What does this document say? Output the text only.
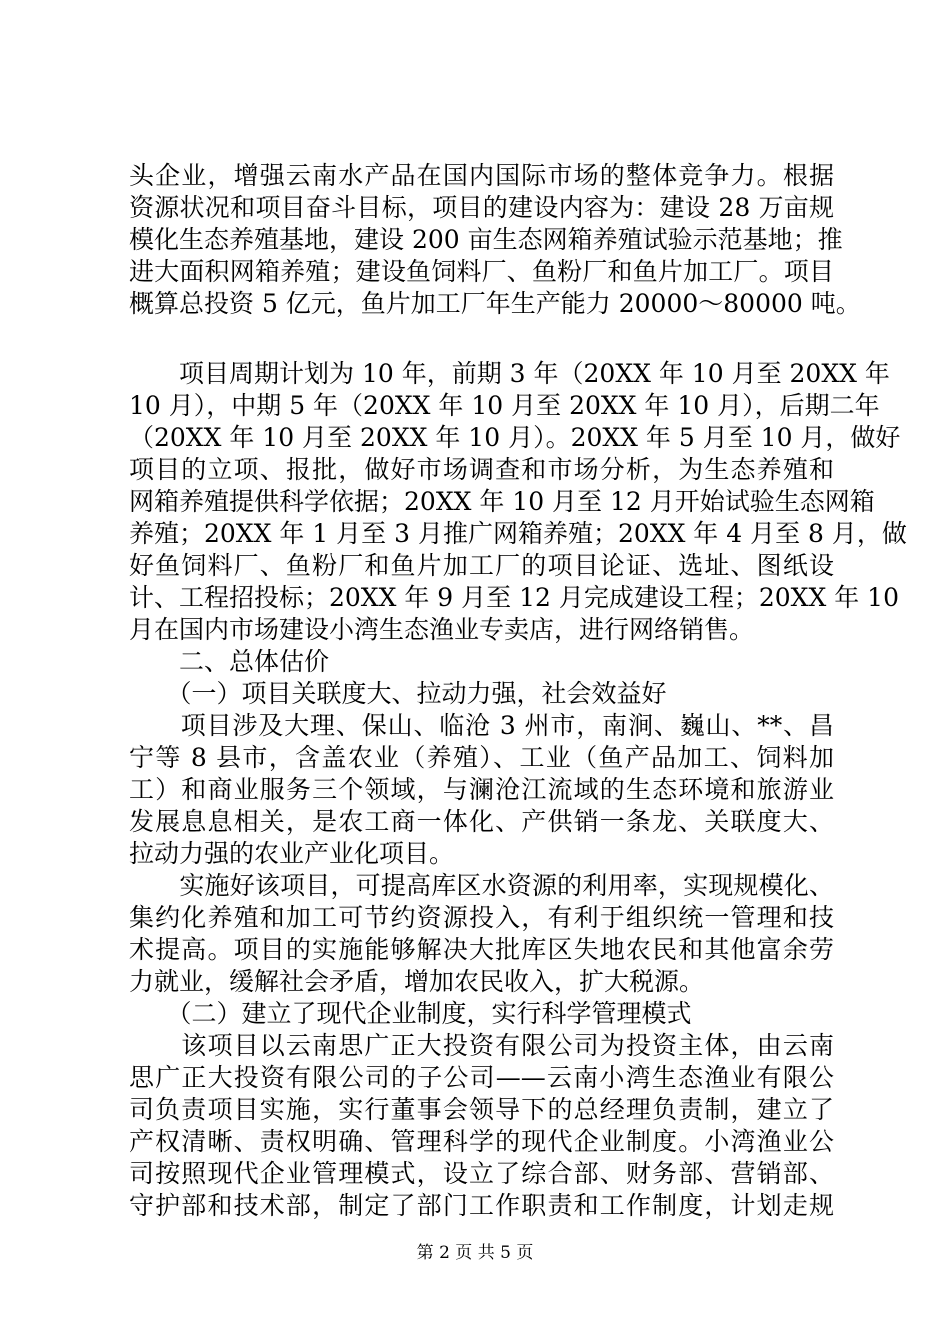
头企业，增强云南水产品在国内国际市场的整体竞争力。根据
资源状况和项目奋斗目标，项目的建设内容为：建设 28 万亩规
模化生态养殖基地，建设 200 亩生态网箱养殖试验示范基地；推
进大面积网箱养殖；建设鱼饲料厂、鱼粉厂和鱼片加工厂。项目
概算总投资 5 亿元，鱼片加工厂年生产能力 20000～80000 吨。
　　项目周期计划为 10 年，前期 3 年（20XX 年 10 月至 20XX 年
10 月），中期 5 年（20XX 年 10 月至 20XX 年 10 月），后期二年
（20XX 年 10 月至 20XX 年 10 月）。20XX 年 5 月至 10 月，做好
项目的立项、报批，做好市场调查和市场分析，为生态养殖和
网箱养殖提供科学依据；20XX 年 10 月至 12 月开始试验生态网箱
养殖；20XX 年 1 月至 3 月推广网箱养殖；20XX 年 4 月至 8 月，做
好鱼饲料厂、鱼粉厂和鱼片加工厂的项目论证、选址、图纸设
计、工程招投标；20XX 年 9 月至 12 月完成建设工程；20XX 年 10
月在国内市场建设小湾生态渔业专卖店，进行网络销售。
　　二、总体估价
　　（一）项目关联度大、拉动力强，社会效益好
　　项目涉及大理、保山、临沧 3 州市，南涧、巍山、**、昌
宁等 8 县市，含盖农业（养殖）、工业（鱼产品加工、饲料加
工）和商业服务三个领域，与澜沧江流域的生态环境和旅游业
发展息息相关，是农工商一体化、产供销一条龙、关联度大、
拉动力强的农业产业化项目。
　　实施好该项目，可提高库区水资源的利用率，实现规模化、
集约化养殖和加工可节约资源投入，有利于组织统一管理和技
术提高。项目的实施能够解决大批库区失地农民和其他富余劳
力就业，缓解社会矛盾，增加农民收入，扩大税源。
　　（二）建立了现代企业制度，实行科学管理模式
　　该项目以云南思广正大投资有限公司为投资主体，由云南
思广正大投资有限公司的子公司——云南小湾生态渔业有限公
司负责项目实施，实行董事会领导下的总经理负责制，建立了
产权清晰、责权明确、管理科学的现代企业制度。小湾渔业公
司按照现代企业管理模式，设立了综合部、财务部、营销部、
守护部和技术部，制定了部门工作职责和工作制度，计划走规
第 2 页 共 5 页
